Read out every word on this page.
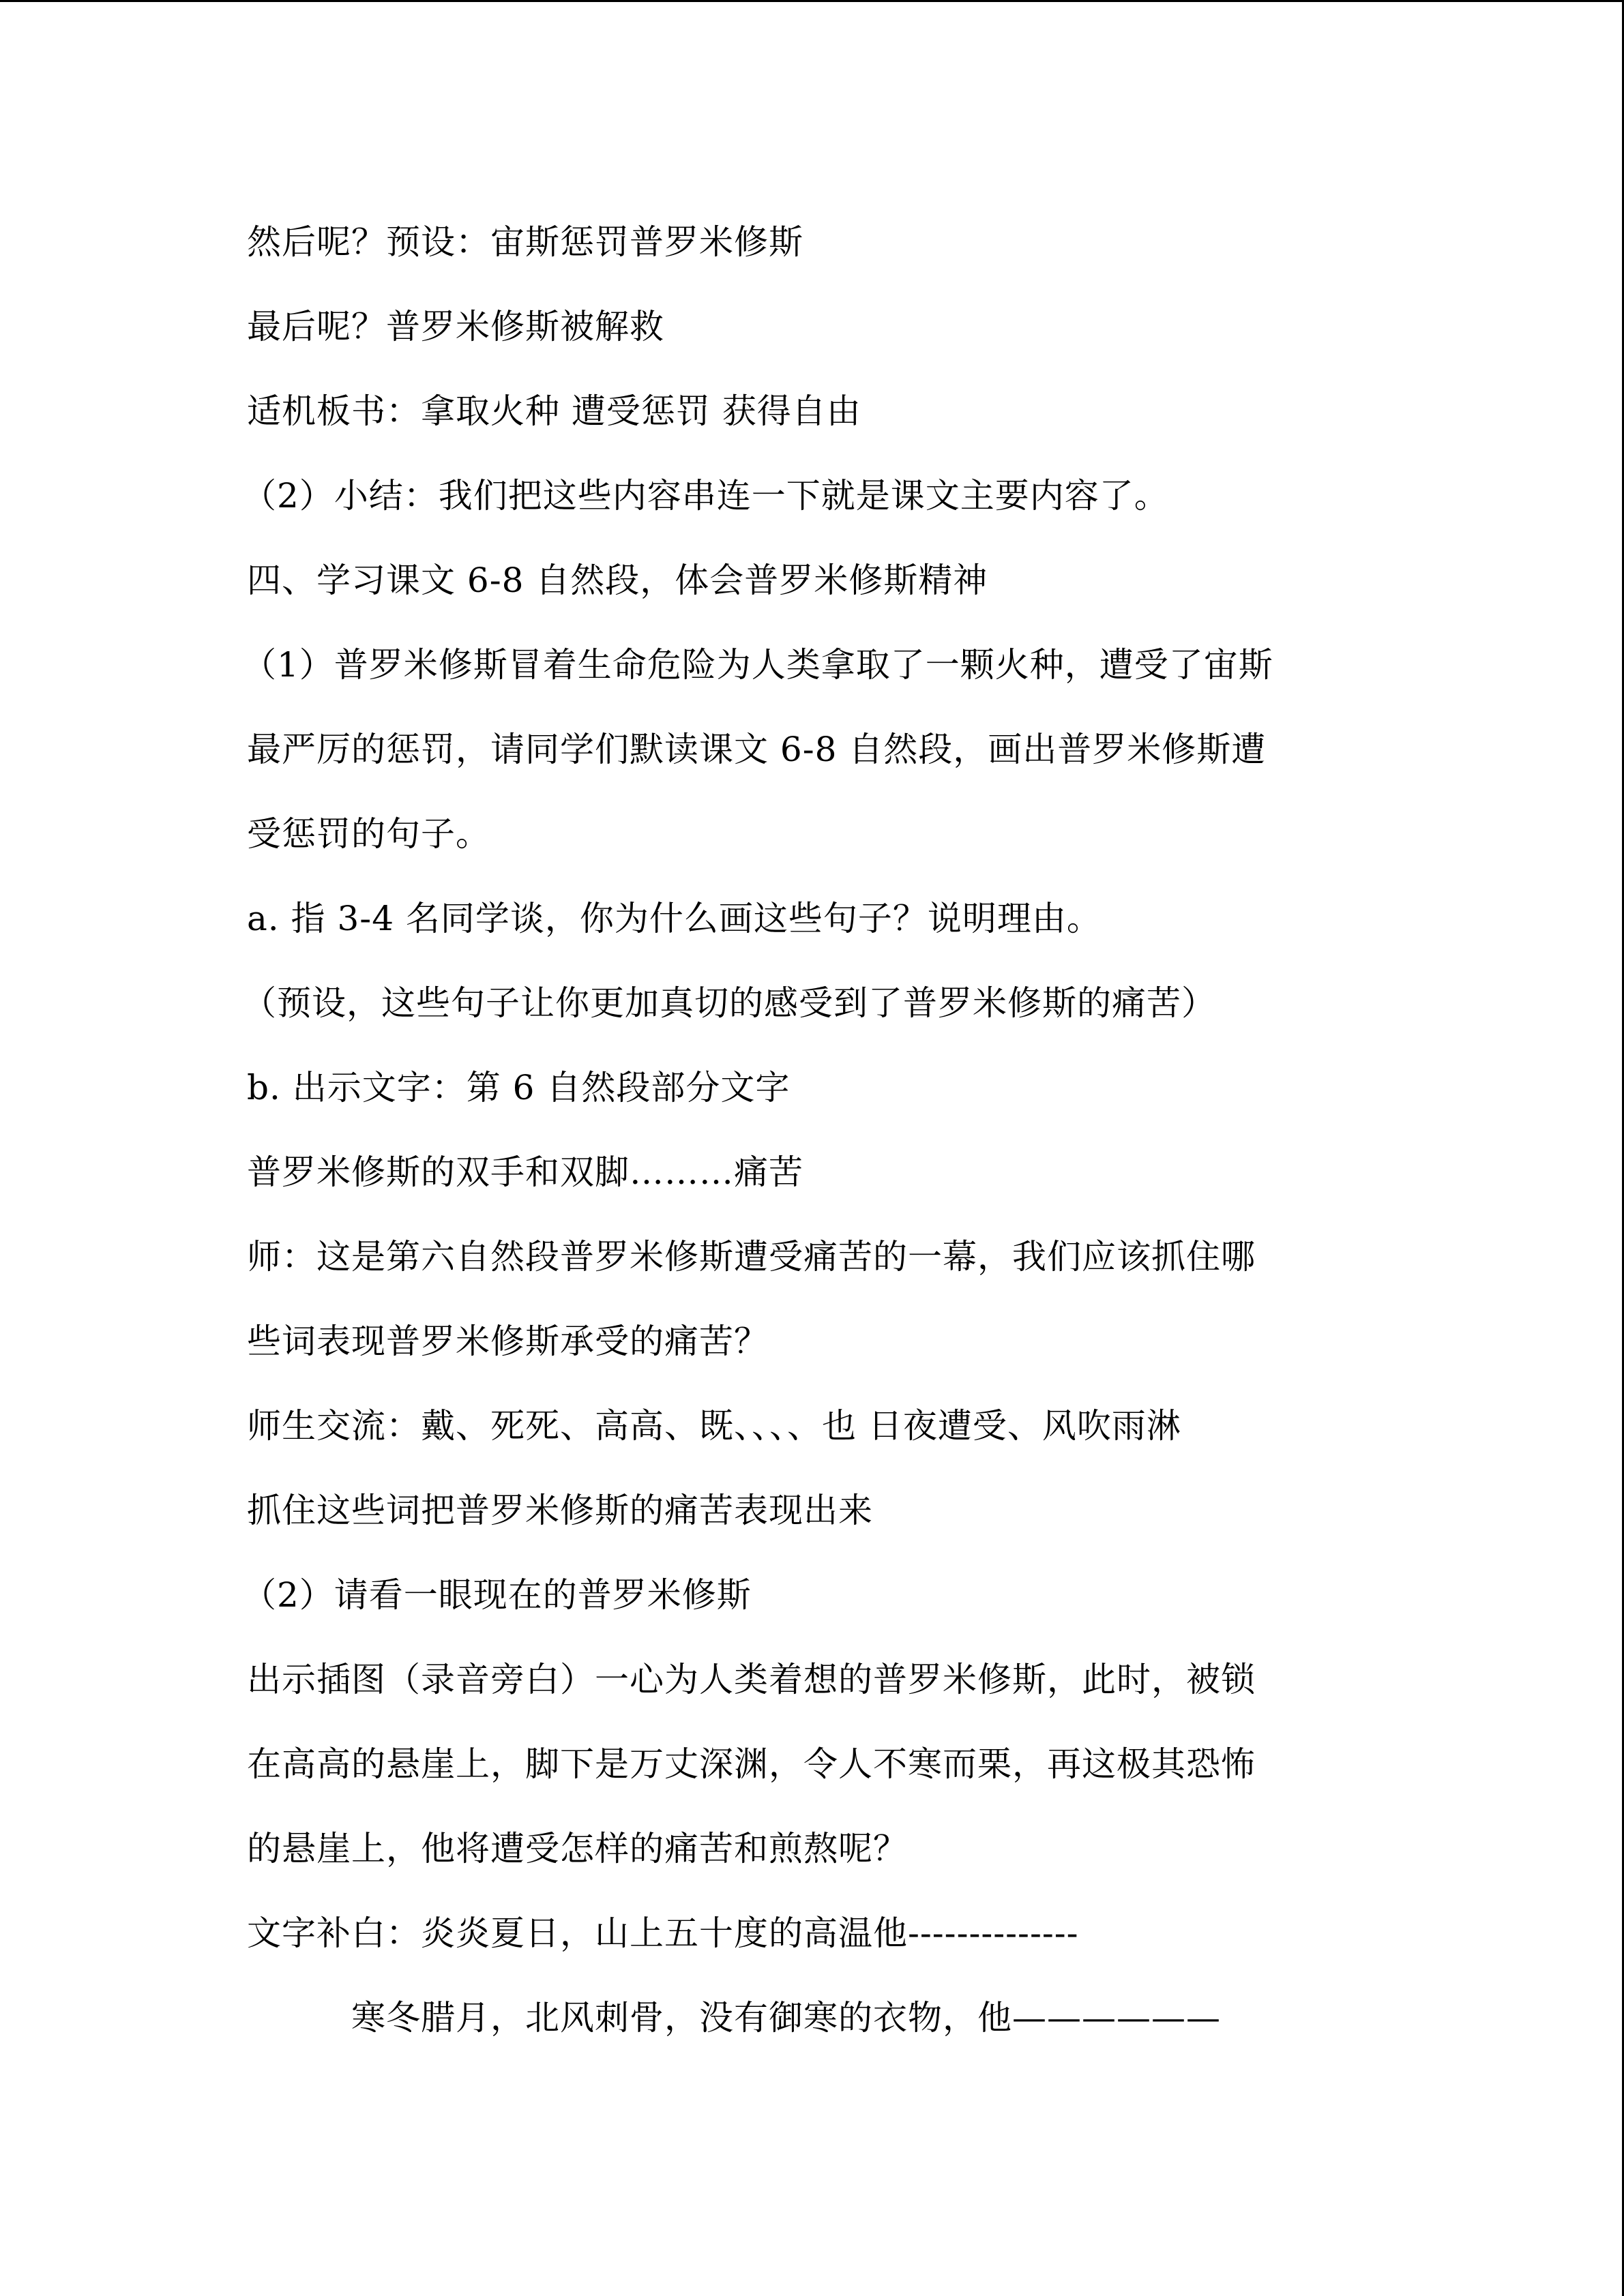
然后呢？预设：宙斯惩罚普罗米修斯
最后呢？普罗米修斯被解救
适机板书：拿取火种 遭受惩罚 获得自由
（2）小结：我们把这些内容串连一下就是课文主要内容了。
四、学习课文 6-8 自然段，体会普罗米修斯精神
（1）普罗米修斯冒着生命危险为人类拿取了一颗火种，遭受了宙斯
最严厉的惩罚，请同学们默读课文 6-8 自然段，画出普罗米修斯遭
受惩罚的句子。
a. 指 3-4 名同学谈，你为什么画这些句子？说明理由。
（预设，这些句子让你更加真切的感受到了普罗米修斯的痛苦）
b. 出示文字：第 6 自然段部分文字
普罗米修斯的双手和双脚………痛苦
师：这是第六自然段普罗米修斯遭受痛苦的一幕，我们应该抓住哪
些词表现普罗米修斯承受的痛苦？
师生交流：戴、死死、高高、既、、、、也 日夜遭受、风吹雨淋
抓住这些词把普罗米修斯的痛苦表现出来
（2）请看一眼现在的普罗米修斯
出示插图（录音旁白）一心为人类着想的普罗米修斯，此时，被锁
在高高的悬崖上，脚下是万丈深渊，令人不寒而栗，再这极其恐怖
的悬崖上，他将遭受怎样的痛苦和煎熬呢？
文字补白：炎炎夏日，山上五十度的高温他--------------
寒冬腊月，北风刺骨，没有御寒的衣物，他——————
